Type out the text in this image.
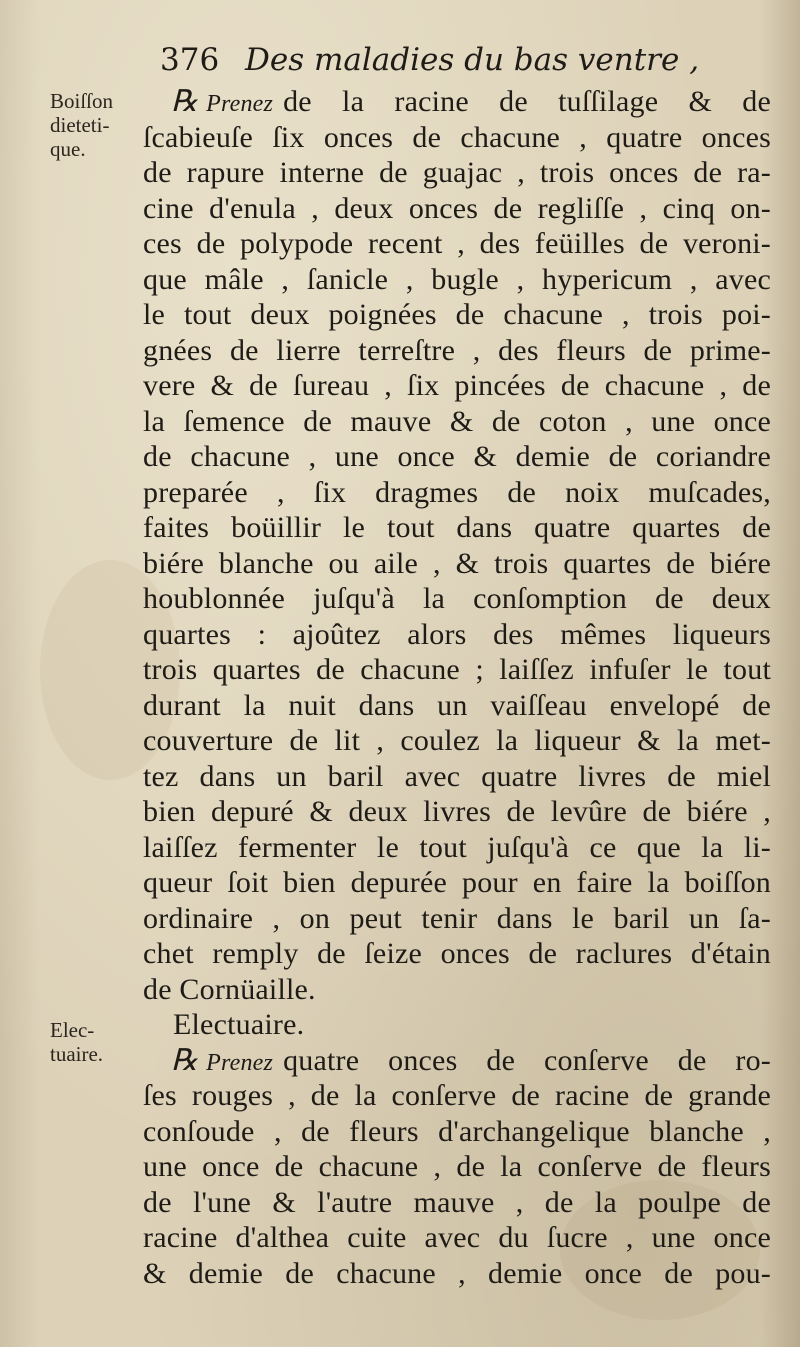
376 Des maladies du bas ventre ,
Boiſſon
dieteti-
que.
Elec-
tuaire.
℞ Prenez de la racine de tuſſilage & de
ſcabieuſe ſix onces de chacune , quatre onces
de rapure interne de guajac , trois onces de ra-
cine d'enula , deux onces de regliſſe , cinq on-
ces de polypode recent , des feüilles de veroni-
que mâle , ſanicle , bugle , hypericum , avec
le tout deux poignées de chacune , trois poi-
gnées de lierre terreſtre , des fleurs de prime-
vere & de ſureau , ſix pincées de chacune , de
la ſemence de mauve & de coton , une once
de chacune , une once & demie de coriandre
preparée , ſix dragmes de noix muſcades,
faites boüillir le tout dans quatre quartes de
biére blanche ou aile , & trois quartes de biére
houblonnée juſqu'à la conſomption de deux
quartes : ajoûtez alors des mêmes liqueurs
trois quartes de chacune ; laiſſez infuſer le tout
durant la nuit dans un vaiſſeau envelopé de
couverture de lit , coulez la liqueur & la met-
tez dans un baril avec quatre livres de miel
bien depuré & deux livres de levûre de biére ,
laiſſez fermenter le tout juſqu'à ce que la li-
queur ſoit bien depurée pour en faire la boiſſon
ordinaire , on peut tenir dans le baril un ſa-
chet remply de ſeize onces de raclures d'étain
de Cornüaille.
Electuaire.
℞ Prenez quatre onces de conſerve de ro-
ſes rouges , de la conſerve de racine de grande
conſoude , de fleurs d'archangelique blanche ,
une once de chacune , de la conſerve de fleurs
de l'une & l'autre mauve , de la poulpe de
racine d'althea cuite avec du ſucre , une once
& demie de chacune , demie once de pou-
